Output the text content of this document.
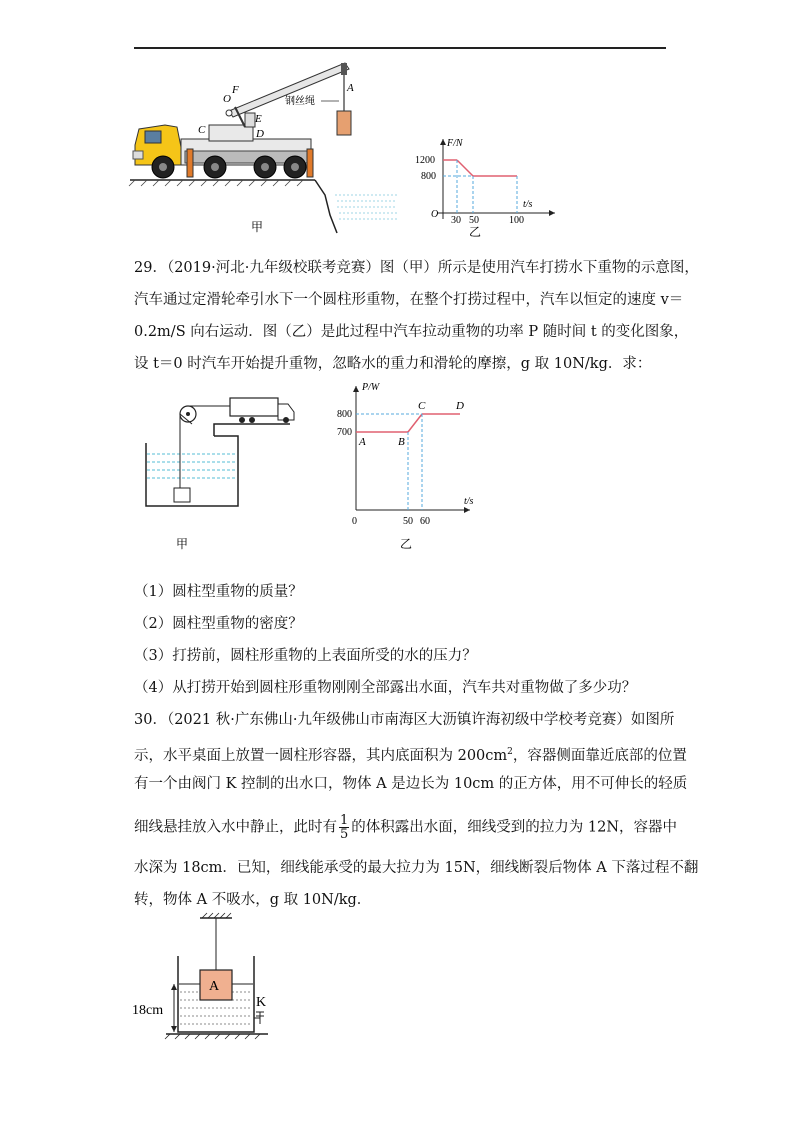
O
F	A
C
E
D
钢丝绳
甲
F/N
t/s
O
1200
800
30 50	100
乙
29．（2019·河北·九年级校联考竞赛）图（甲）所示是使用汽车打捞水下重物的示意图，
汽车通过定滑轮牵引水下一个圆柱形重物，在整个打捞过程中，汽车以恒定的速度 v＝
0.2m/S 向右运动．图（乙）是此过程中汽车拉动重物的功率 P 随时间 t 的变化图象，
设 t＝0 时汽车开始提升重物，忽略水的重力和滑轮的摩擦，g 取 10N/kg．求：
甲
P/W
t/s
0
800
700
50 60
A	B
C	D
乙
（1）圆柱型重物的质量？
（2）圆柱型重物的密度？
（3）打捞前，圆柱形重物的上表面所受的水的压力？
（4）从打捞开始到圆柱形重物刚刚全部露出水面，汽车共对重物做了多少功？
30．（2021 秋·广东佛山·九年级佛山市南海区大沥镇许海初级中学校考竞赛）如图所
示，水平桌面上放置一圆柱形容器，其内底面积为 $200cm^2$，容器侧面靠近底部的位置
有一个由阀门 K 控制的出水口，物体 A 是边长为 10cm 的正方体，用不可伸长的轻质
细线悬挂放入水中静止，此时有 $\frac{1}{5}$ 的体积露出水面，细线受到的拉力为 12N，容器中
水深为 18cm．已知，细线能承受的最大拉力为 15N，细线断裂后物体 A 下落过程不翻
转，物体 A 不吸水，g 取 10N/kg．
A
K
18cm
